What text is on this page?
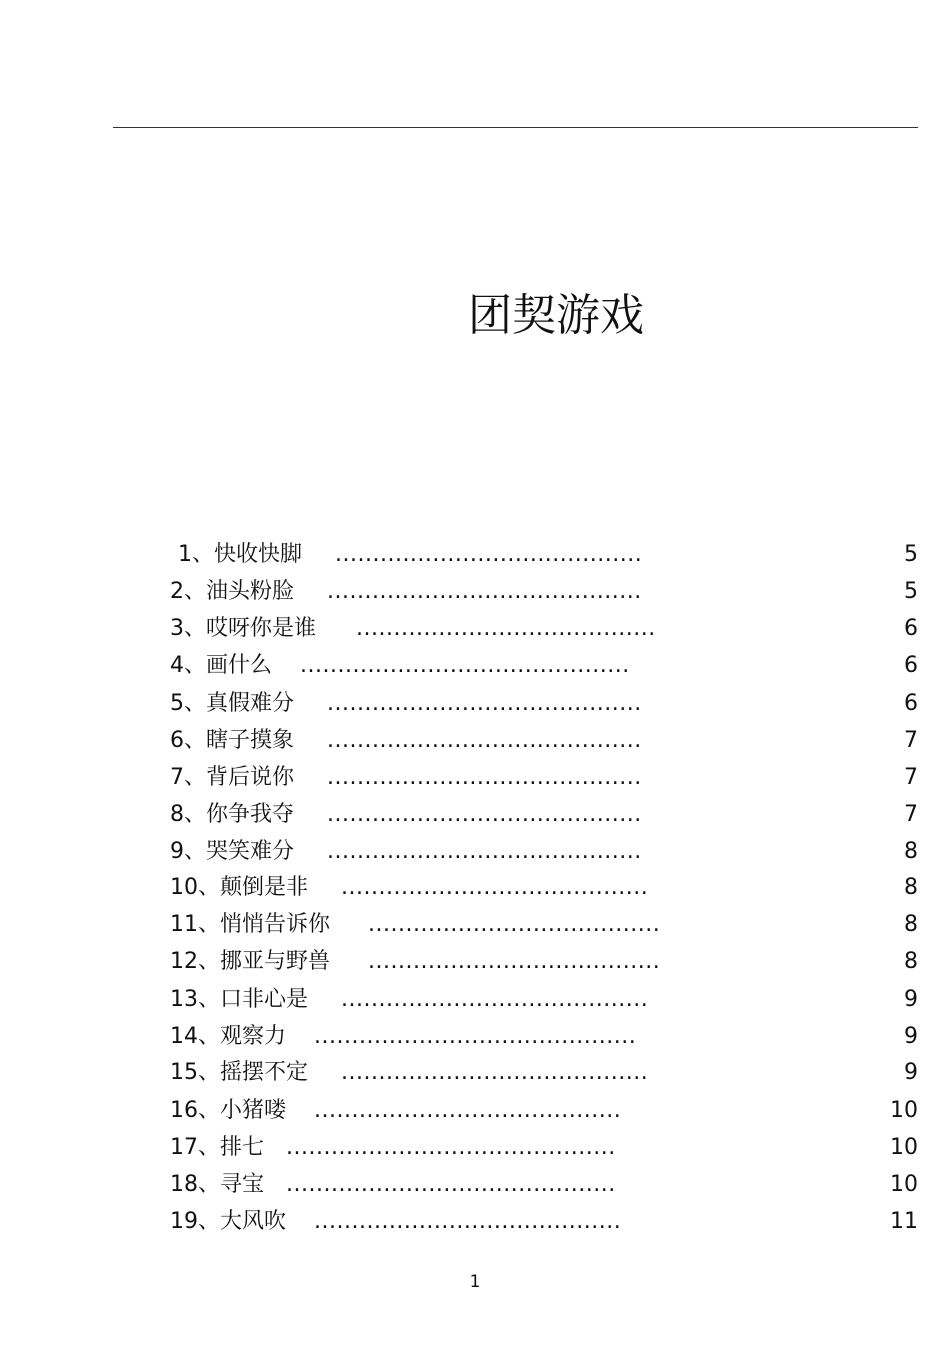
团契游戏
1、快收快脚 .........................................	5
2、油头粉脸 ..........................................	5
3、哎呀你是谁 ........................................	6
4、画什么 ............................................	6
5、真假难分 ..........................................	6
6、瞎子摸象 ..........................................	7
7、背后说你 ..........................................	7
8、你争我夺 ..........................................	7
9、哭笑难分 ..........................................	8
10、颠倒是非 .........................................	8
11、悄悄告诉你 .......................................	8
12、挪亚与野兽 .......................................	8
13、口非心是 .........................................	9
14、观察力 ...........................................	9
15、摇摆不定 .........................................	9
16、小猪喽 .........................................	10
17、排七 ............................................	10
18、寻宝 ............................................	10
19、大风吹 .........................................	11
1
